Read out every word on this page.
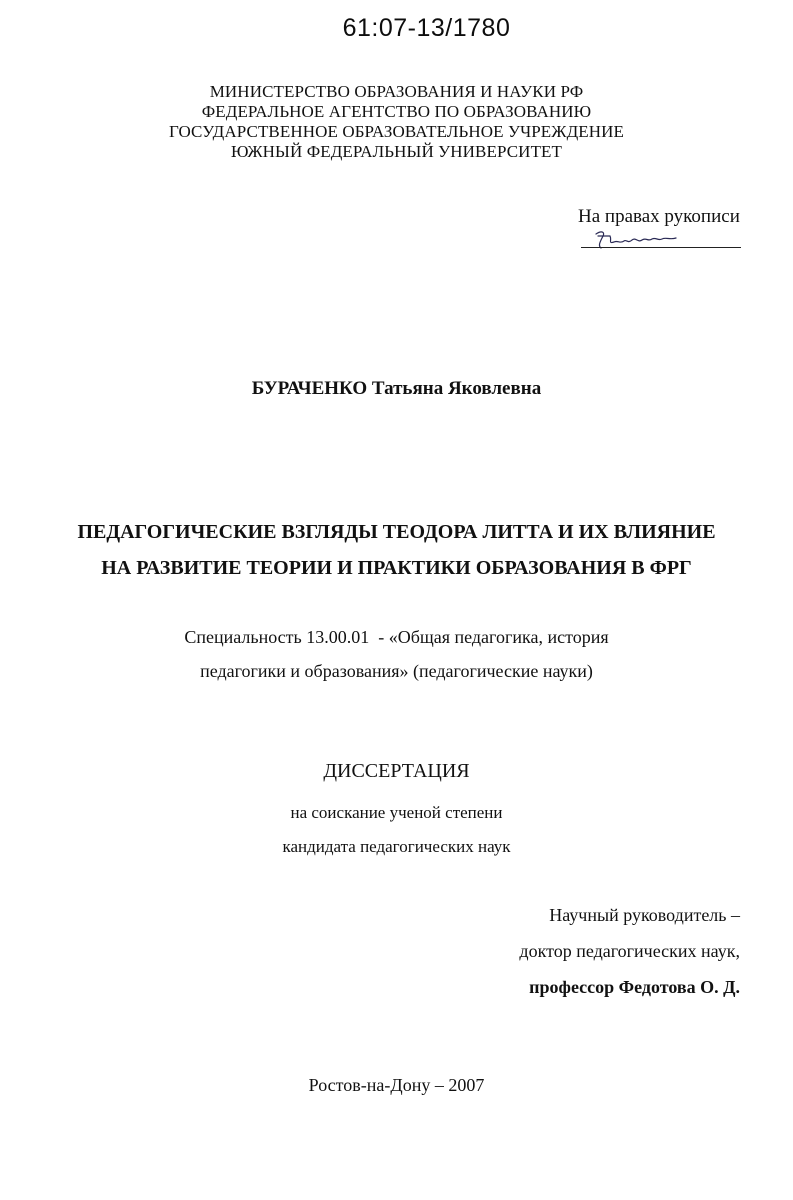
61:07-13/1780
МИНИСТЕРСТВО ОБРАЗОВАНИЯ И НАУКИ РФ
ФЕДЕРАЛЬНОЕ АГЕНТСТВО ПО ОБРАЗОВАНИЮ
ГОСУДАРСТВЕННОЕ ОБРАЗОВАТЕЛЬНОЕ УЧРЕЖДЕНИЕ
ЮЖНЫЙ ФЕДЕРАЛЬНЫЙ УНИВЕРСИТЕТ
На правах рукописи
БУРАЧЕНКО Татьяна Яковлевна
ПЕДАГОГИЧЕСКИЕ ВЗГЛЯДЫ ТЕОДОРА ЛИТТА И ИХ ВЛИЯНИЕ
НА РАЗВИТИЕ ТЕОРИИ И ПРАКТИКИ ОБРАЗОВАНИЯ В ФРГ
Специальность 13.00.01  - «Общая педагогика, история
педагогики и образования» (педагогические науки)
ДИССЕРТАЦИЯ
на соискание ученой степени
кандидата педагогических наук
Научный руководитель –
доктор педагогических наук,
профессор Федотова О. Д.
Ростов-на-Дону – 2007
